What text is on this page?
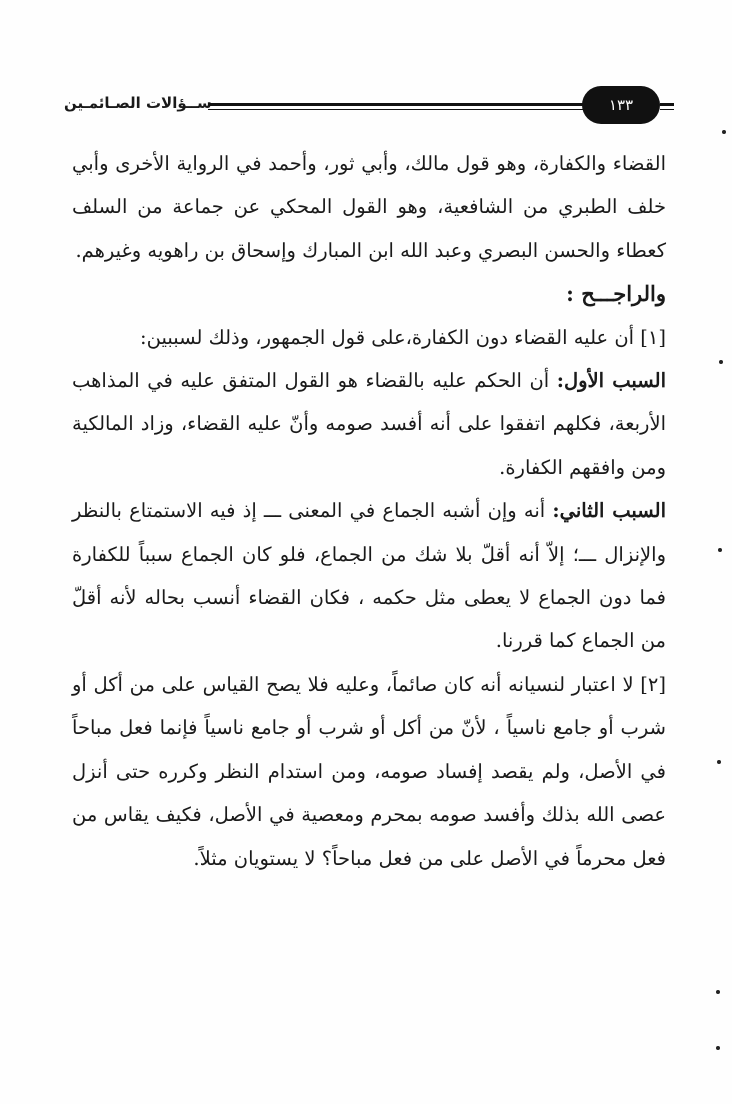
ســؤالات الصـائمـين	١٣٣

القضاء والكفارة، وهو قول مالك، وأبي ثور، وأحمد في الرواية الأخرى وأبي خلف الطبري من الشافعية، وهو القول المحكي عن جماعة من السلف كعطاء والحسن البصري وعبد الله ابن المبارك وإسحاق بن راهويه وغيرهم.

والراجـــح :

[١] أن عليه القضاء دون الكفارة،على قول الجمهور، وذلك لسببين:

السبب الأول: أن الحكم عليه بالقضاء هو القول المتفق عليه في المذاهب الأربعة، فكلهم اتفقوا على أنه أفسد صومه وأنّ عليه القضاء، وزاد المالكية ومن وافقهم الكفارة.

السبب الثاني: أنه وإن أشبه الجماع في المعنى ـــ إذ فيه الاستمتاع بالنظر والإنزال ـــ؛ إلاّ أنه أقلّ بلا شك من الجماع، فلو كان الجماع سبباً للكفارة فما دون الجماع لا يعطى مثل حكمه ، فكان القضاء أنسب بحاله لأنه أقلّ من الجماع كما قررنا.

[٢] لا اعتبار لنسيانه أنه كان صائماً، وعليه فلا يصح القياس على من أكل أو شرب أو جامع ناسياً ، لأنّ من أكل أو شرب أو جامع ناسياً فإنما فعل مباحاً في الأصل، ولم يقصد إفساد صومه، ومن استدام النظر وكرره حتى أنزل عصى الله بذلك وأفسد صومه بمحرم ومعصية في الأصل، فكيف يقاس من فعل محرماً في الأصل على من فعل مباحاً؟ لا يستويان مثلاً.
